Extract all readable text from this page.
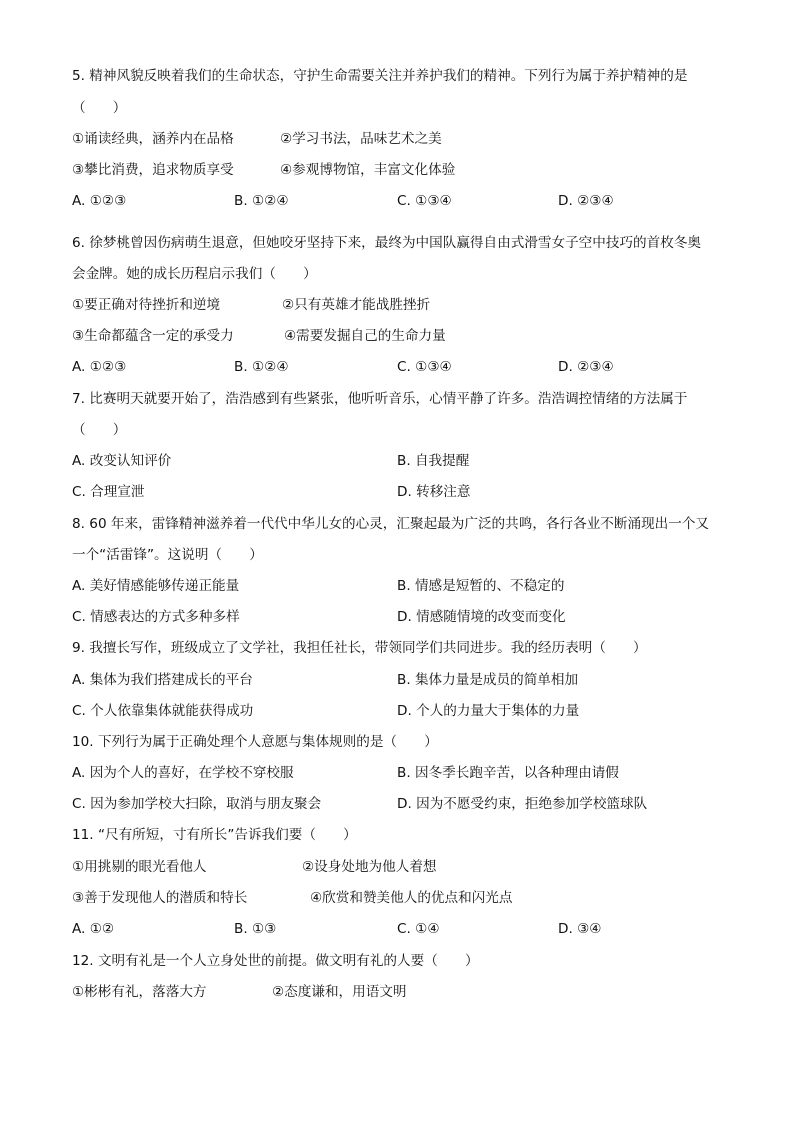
5. 精神风貌反映着我们的生命状态，守护生命需要关注并养护我们的精神。下列行为属于养护精神的是
（　　）
①诵读经典，涵养内在品格	②学习书法，品味艺术之美
③攀比消费，追求物质享受	④参观博物馆，丰富文化体验
A. ①②③	B. ①②④	C. ①③④	D. ②③④
6. 徐梦桃曾因伤病萌生退意，但她咬牙坚持下来，最终为中国队赢得自由式滑雪女子空中技巧的首枚冬奥
会金牌。她的成长历程启示我们（　　）
①要正确对待挫折和逆境	②只有英雄才能战胜挫折
③生命都蕴含一定的承受力	④需要发掘自己的生命力量
A. ①②③	B. ①②④	C. ①③④	D. ②③④
7. 比赛明天就要开始了，浩浩感到有些紧张，他听听音乐，心情平静了许多。浩浩调控情绪的方法属于
（　　）
A. 改变认知评价	B. 自我提醒
C. 合理宣泄	D. 转移注意
8. 60 年来，雷锋精神滋养着一代代中华儿女的心灵，汇聚起最为广泛的共鸣，各行各业不断涌现出一个又
一个“活雷锋”。这说明（　　）
A. 美好情感能够传递正能量	B. 情感是短暂的、不稳定的
C. 情感表达的方式多种多样	D. 情感随情境的改变而变化
9. 我擅长写作，班级成立了文学社，我担任社长，带领同学们共同进步。我的经历表明（　　）
A. 集体为我们搭建成长的平台	B. 集体力量是成员的简单相加
C. 个人依靠集体就能获得成功	D. 个人的力量大于集体的力量
10. 下列行为属于正确处理个人意愿与集体规则的是（　　）
A. 因为个人的喜好，在学校不穿校服	B. 因冬季长跑辛苦，以各种理由请假
C. 因为参加学校大扫除，取消与朋友聚会	D. 因为不愿受约束，拒绝参加学校篮球队
11. “尺有所短，寸有所长”告诉我们要（　　）
①用挑剔的眼光看他人	②设身处地为他人着想
③善于发现他人的潜质和特长	④欣赏和赞美他人的优点和闪光点
A. ①②	B. ①③	C. ①④	D. ③④
12. 文明有礼是一个人立身处世的前提。做文明有礼的人要（　　）
①彬彬有礼，落落大方	②态度谦和，用语文明
